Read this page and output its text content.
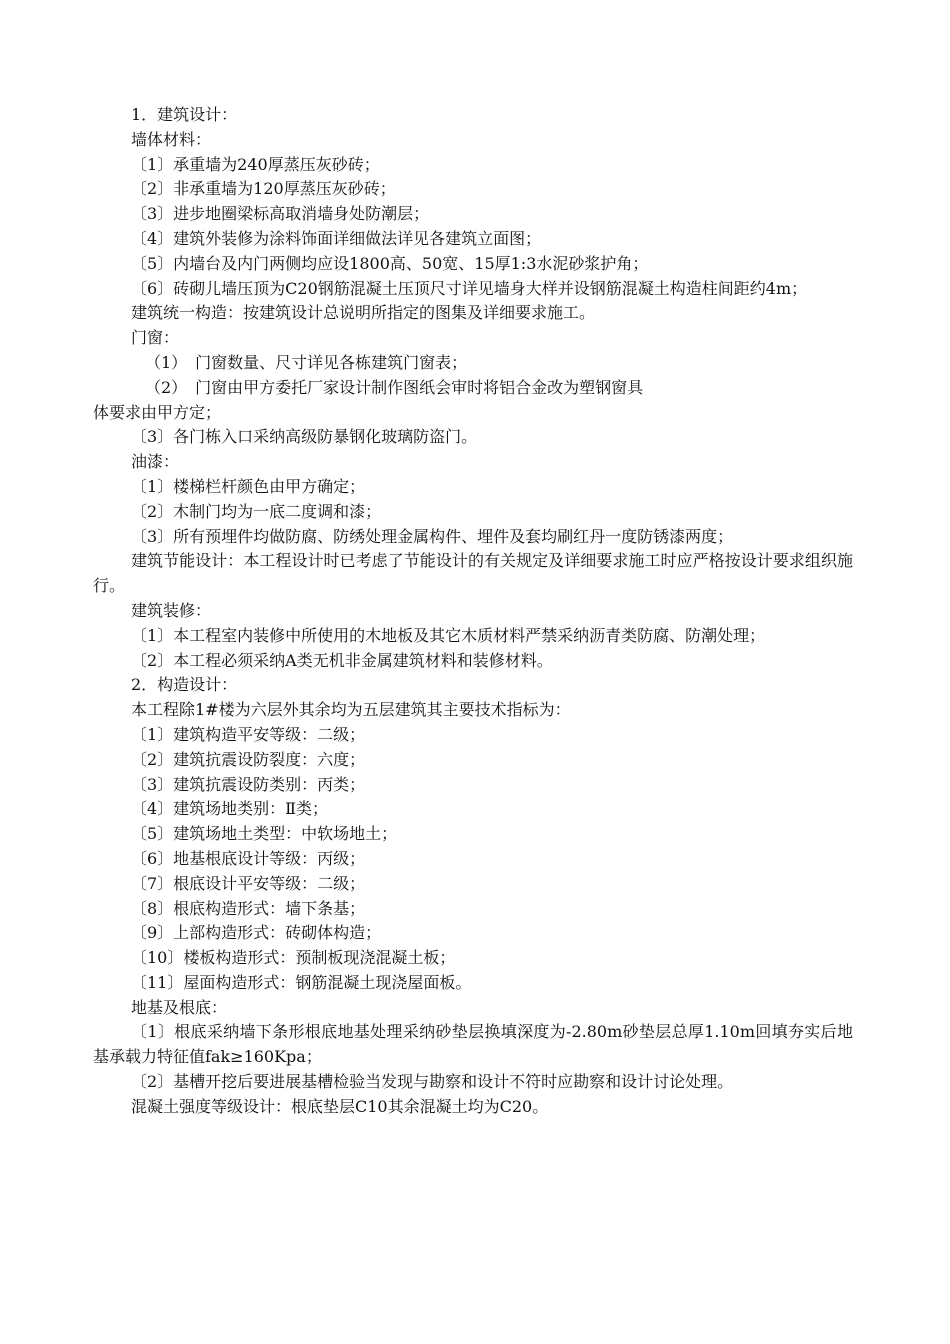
1．建筑设计：

墙体材料：

〔1〕承重墙为240厚蒸压灰砂砖；

〔2〕非承重墙为120厚蒸压灰砂砖；

〔3〕进步地圈梁标高取消墙身处防潮层；

〔4〕建筑外装修为涂料饰面详细做法详见各建筑立面图；

〔5〕内墙台及内门两侧均应设1800高、50宽、15厚1:3水泥砂浆护角；

〔6〕砖砌儿墙压顶为C20钢筋混凝土压顶尺寸详见墙身大样并设钢筋混凝土构造柱间距约4m；

建筑统一构造：按建筑设计总说明所指定的图集及详细要求施工。

门窗：

（1）　门窗数量、尺寸详见各栋建筑门窗表；

（2）　门窗由甲方委托厂家设计制作图纸会审时将铝合金改为塑钢窗具

体要求由甲方定；

〔3〕各门栋入口采纳高级防暴钢化玻璃防盗门。

油漆：

〔1〕楼梯栏杆颜色由甲方确定；

〔2〕木制门均为一底二度调和漆；

〔3〕所有预埋件均做防腐、防绣处理金属构件、埋件及套均刷红丹一度防锈漆两度；

建筑节能设计：本工程设计时已考虑了节能设计的有关规定及详细要求施工时应严格按设计要求组织施行。

建筑装修：

〔1〕本工程室内装修中所使用的木地板及其它木质材料严禁采纳沥青类防腐、防潮处理；

〔2〕本工程必须采纳A类无机非金属建筑材料和装修材料。

2．构造设计：

本工程除1#楼为六层外其余均为五层建筑其主要技术指标为：

〔1〕建筑构造平安等级：二级；

〔2〕建筑抗震设防裂度：六度；

〔3〕建筑抗震设防类别：丙类；

〔4〕建筑场地类别：Ⅱ类；

〔5〕建筑场地土类型：中软场地土；

〔6〕地基根底设计等级：丙级；

〔7〕根底设计平安等级：二级；

〔8〕根底构造形式：墙下条基；

〔9〕上部构造形式：砖砌体构造；

〔10〕楼板构造形式：预制板现浇混凝土板；

〔11〕屋面构造形式：钢筋混凝土现浇屋面板。

地基及根底：

〔1〕根底采纳墙下条形根底地基处理采纳砂垫层换填深度为-2.80m砂垫层总厚1.10m回填夯实后地基承载力特征值fak≥160Kpa；

〔2〕基槽开挖后要进展基槽检验当发现与勘察和设计不符时应勘察和设计讨论处理。

混凝土强度等级设计：根底垫层C10其余混凝土均为C20。
